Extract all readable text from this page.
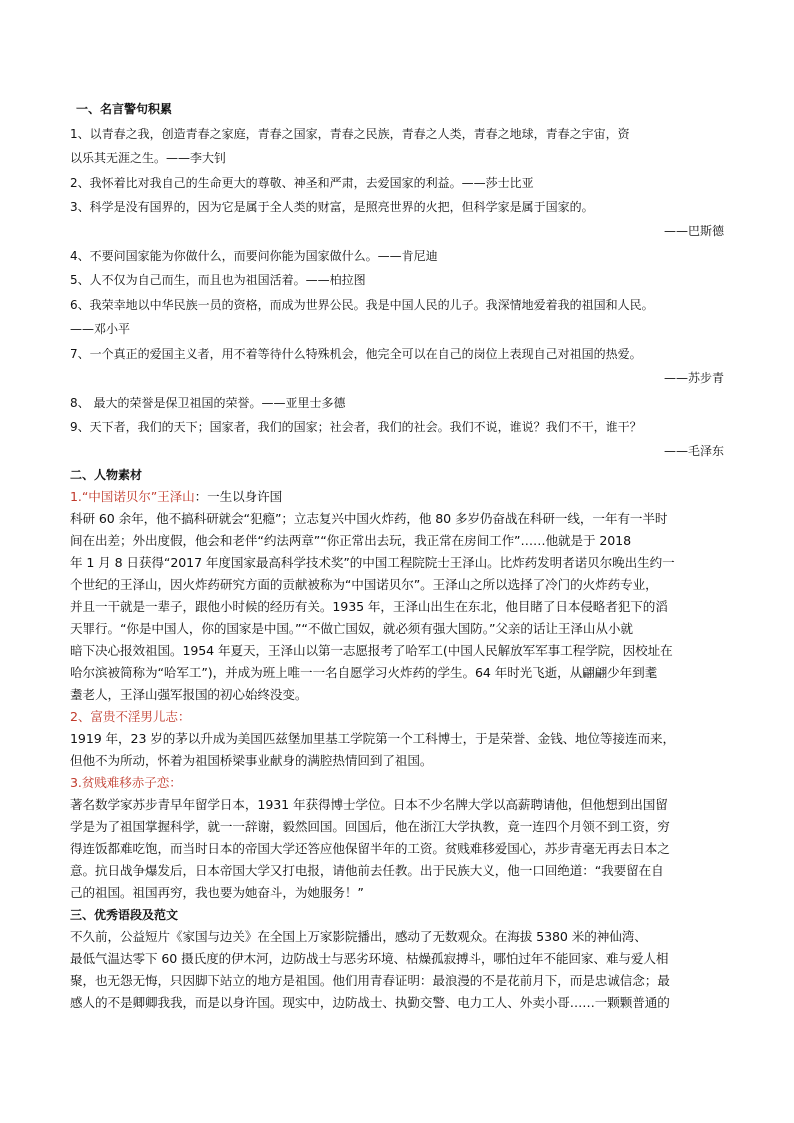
一、名言警句积累
1、以青春之我，创造青春之家庭，青春之国家，青春之民族，青春之人类，青春之地球，青春之宇宙，资
以乐其无涯之生。——李大钊
2、我怀着比对我自己的生命更大的尊敬、神圣和严肃，去爱国家的利益。——莎士比亚
3、科学是没有国界的，因为它是属于全人类的财富，是照亮世界的火把，但科学家是属于国家的。
——巴斯德
4、不要问国家能为你做什么，而要问你能为国家做什么。——肯尼迪
5、人不仅为自己而生，而且也为祖国活着。——柏拉图
6、我荣幸地以中华民族一员的资格，而成为世界公民。我是中国人民的儿子。我深情地爱着我的祖国和人民。
——邓小平
7、一个真正的爱国主义者，用不着等待什么特殊机会，他完全可以在自己的岗位上表现自己对祖国的热爱。
——苏步青
8、 最大的荣誉是保卫祖国的荣誉。——亚里士多德
9、天下者，我们的天下；国家者，我们的国家；社会者，我们的社会。我们不说，谁说？我们不干，谁干？
——毛泽东
二、人物素材
1.“中国诺贝尔”王泽山：一生以身许国
科研 60 余年，他不搞科研就会“犯瘾”；立志复兴中国火炸药，他 80 多岁仍奋战在科研一线，一年有一半时
间在出差；外出度假，他会和老伴“约法两章”“你正常出去玩，我正常在房间工作”……他就是于 2018
年 1 月 8 日获得“2017 年度国家最高科学技术奖”的中国工程院院士王泽山。比炸药发明者诺贝尔晚出生约一
个世纪的王泽山，因火炸药研究方面的贡献被称为“中国诺贝尔”。王泽山之所以选择了冷门的火炸药专业，
并且一干就是一辈子，跟他小时候的经历有关。1935 年，王泽山出生在东北，他目睹了日本侵略者犯下的滔
天罪行。“你是中国人，你的国家是中国。”“不做亡国奴，就必须有强大国防。”父亲的话让王泽山从小就
暗下决心报效祖国。1954 年夏天，王泽山以第一志愿报考了哈军工(中国人民解放军军事工程学院，因校址在
哈尔滨被简称为“哈军工”)，并成为班上唯一一名自愿学习火炸药的学生。64 年时光飞逝，从翩翩少年到耄
耋老人，王泽山强军报国的初心始终没变。
2、富贵不淫男儿志：
1919 年，23 岁的茅以升成为美国匹兹堡加里基工学院第一个工科博士，于是荣誉、金钱、地位等接连而来，
但他不为所动，怀着为祖国桥梁事业献身的满腔热情回到了祖国。
3.贫贱难移赤子恋：
著名数学家苏步青早年留学日本，1931 年获得博士学位。日本不少名牌大学以高薪聘请他，但他想到出国留
学是为了祖国掌握科学，就一一辞谢，毅然回国。回国后，他在浙江大学执教，竟一连四个月领不到工资，穷
得连饭都难吃饱，而当时日本的帝国大学还答应他保留半年的工资。贫贱难移爱国心，苏步青毫无再去日本之
意。抗日战争爆发后，日本帝国大学又打电报，请他前去任教。出于民族大义，他一口回绝道：“我要留在自
己的祖国。祖国再穷，我也要为她奋斗，为她服务！”
三、优秀语段及范文
不久前，公益短片《家国与边关》在全国上万家影院播出，感动了无数观众。在海拔 5380 米的神仙湾、
最低气温达零下 60 摄氏度的伊木河，边防战士与恶劣环境、枯燥孤寂搏斗，哪怕过年不能回家、难与爱人相
聚，也无怨无悔，只因脚下站立的地方是祖国。他们用青春证明：最浪漫的不是花前月下，而是忠诚信念；最
感人的不是卿卿我我，而是以身许国。现实中，边防战士、执勤交警、电力工人、外卖小哥……一颗颗普通的
